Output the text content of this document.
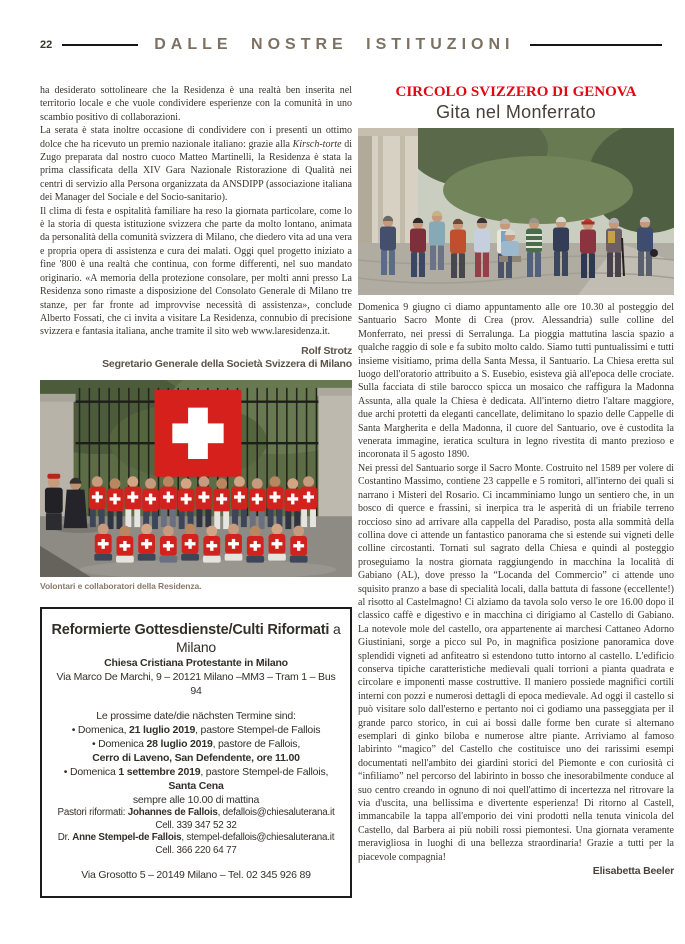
22	DALLE NOSTRE ISTITUZIONI

ha desiderato sottolineare che la Residenza è una realtà ben inserita nel territorio locale e che vuole condividere esperienze con la comunità in uno scambio positivo di collaborazioni.

La serata è stata inoltre occasione di condividere con i presenti un ottimo dolce che ha ricevuto un premio nazionale italiano: grazie alla Kirsch-torte di Zugo preparata dal nostro cuoco Matteo Martinelli, la Residenza è stata la prima classificata della XIV Gara Nazionale Ristorazione di Qualità nei centri di servizio alla Persona organizzata da ANSDIPP (associazione italiana dei Manager del Sociale e del Socio-sanitario).

Il clima di festa e ospitalità familiare ha reso la giornata particolare, come lo è la storia di questa istituzione svizzera che parte da molto lontano, animata da personalità della comunità svizzera di Milano, che diedero vita ad una vera e propria opera di assistenza e cura dei malati. Oggi quel progetto iniziato a fine '800 è una realtà che continua, con forme differenti, nel suo mandato originario. «A memoria della protezione consolare, per molti anni presso La Residenza sono rimaste a disposizione del Consolato Generale di Milano tre stanze, per far fronte ad improvvise necessità di assistenza», conclude Alberto Fossati, che ci invita a visitare La Residenza, connubio di precisione svizzera e fantasia italiana, anche tramite il sito web www.laresidenza.it.

Rolf Strotz
Segretario Generale della Società Svizzera di Milano
Volontari e collaboratori della Residenza.
Reformierte Gottesdienste/Culti Riformati a Milano
Chiesa Cristiana Protestante in Milano
Via Marco De Marchi, 9 – 20121 Milano –MM3 – Tram 1 – Bus 94
Le prossime date/die nächsten Termine sind:
• Domenica, 21 luglio 2019, pastore Stempel-de Fallois
• Domenica 28 luglio 2019, pastore de Fallois,
Cerro di Laveno, San Defendente, ore 11.00
• Domenica 1 settembre 2019, pastore Stempel-de Fallois, Santa Cena
sempre alle 10.00 di mattina
Pastori riformati: Johannes de Fallois, defallois@chiesaluterana.it
Cell. 339 347 52 32
Dr. Anne Stempel-de Fallois, stempel-defallois@chiesaluterana.it
Cell. 366 220 64 77
Via Grosotto 5 – 20149 Milano – Tel. 02 345 926 89
CIRCOLO SVIZZERO DI GENOVA
Gita nel Monferrato

Domenica 9 giugno ci diamo appuntamento alle ore 10.30 al posteggio del Santuario Sacro Monte di Crea (prov. Alessandria) sulle colline del Monferrato, nei pressi di Serralunga. La pioggia mattutina lascia spazio a qualche raggio di sole e fa subito molto caldo. Siamo tutti puntualissimi e tutti insieme visitiamo, prima della Santa Messa, il Santuario. La Chiesa eretta sul luogo dell'oratorio attribuito a S. Eusebio, esisteva già all'epoca delle crociate. Sulla facciata di stile barocco spicca un mosaico che raffigura la Madonna Assunta, alla quale la Chiesa è dedicata. All'interno dietro l'altare maggiore, due archi protetti da eleganti cancellate, delimitano lo spazio delle Cappelle di Santa Margherita e della Madonna, il cuore del Santuario, ove è custodita la venerata immagine, ieratica scultura in legno rivestita di manto prezioso e incoronata il 5 agosto 1890.

Nei pressi del Santuario sorge il Sacro Monte. Costruito nel 1589 per volere di Costantino Massimo, contiene 23 cappelle e 5 romitori, all'interno dei quali si narrano i Misteri del Rosario. Ci incamminiamo lungo un sentiero che, in un bosco di querce e frassini, si inerpica tra le asperità di un friabile terreno roccioso sino ad arrivare alla cappella del Paradiso, posta alla sommità della collina dove ci attende un fantastico panorama che si estende sui vigneti delle colline circostanti. Tornati sul sagrato della Chiesa e quindi al posteggio proseguiamo la nostra giornata raggiungendo in macchina la località di Gabiano (AL), dove presso la “Locanda del Commercio” ci attende uno squisito pranzo a base di specialità locali, dalla battuta di fassone (eccellente!) al risotto al Castelmagno! Ci alziamo da tavola solo verso le ore 16.00 dopo il classico caffè e digestivo e in macchina ci dirigiamo al Castello di Gabiano. La notevole mole del castello, ora appartenente ai marchesi Cattaneo Adorno Giustiniani, sorge a picco sul Po, in magnifica posizione panoramica dove splendidi vigneti ad anfiteatro si estendono tutto intorno al castello. L'edificio conserva tipiche caratteristiche medievali quali torrioni a pianta quadrata e circolare e imponenti masse costruttive. Il maniero possiede magnifici cortili interni con pozzi e numerosi dettagli di epoca medievale. Ad oggi il castello si può visitare solo dall'esterno e pertanto noi ci godiamo una passeggiata per il grande parco storico, in cui ai bossi dalle forme ben curate si alternano esemplari di ginko biloba e numerose altre piante. Arriviamo al famoso labirinto “magico” del Castello che costituisce uno dei rarissimi esempi documentati nell'ambito dei giardini storici del Piemonte e con curiosità ci “infiliamo” nel percorso del labirinto in bosso che inesorabilmente conduce al suo centro creando in ognuno di noi quell'attimo di incertezza nel ritrovare la via d'uscita, una bellissima e divertente esperienza! Di ritorno al Castell, immancabile la tappa all'emporio dei vini prodotti nella tenuta vinicola del Castello, dal Barbera ai più nobili rossi piemontesi. Una giornata veramente meravigliosa in luoghi di una bellezza straordinaria! Grazie a tutti per la piacevole compagnia!

Elisabetta Beeler
